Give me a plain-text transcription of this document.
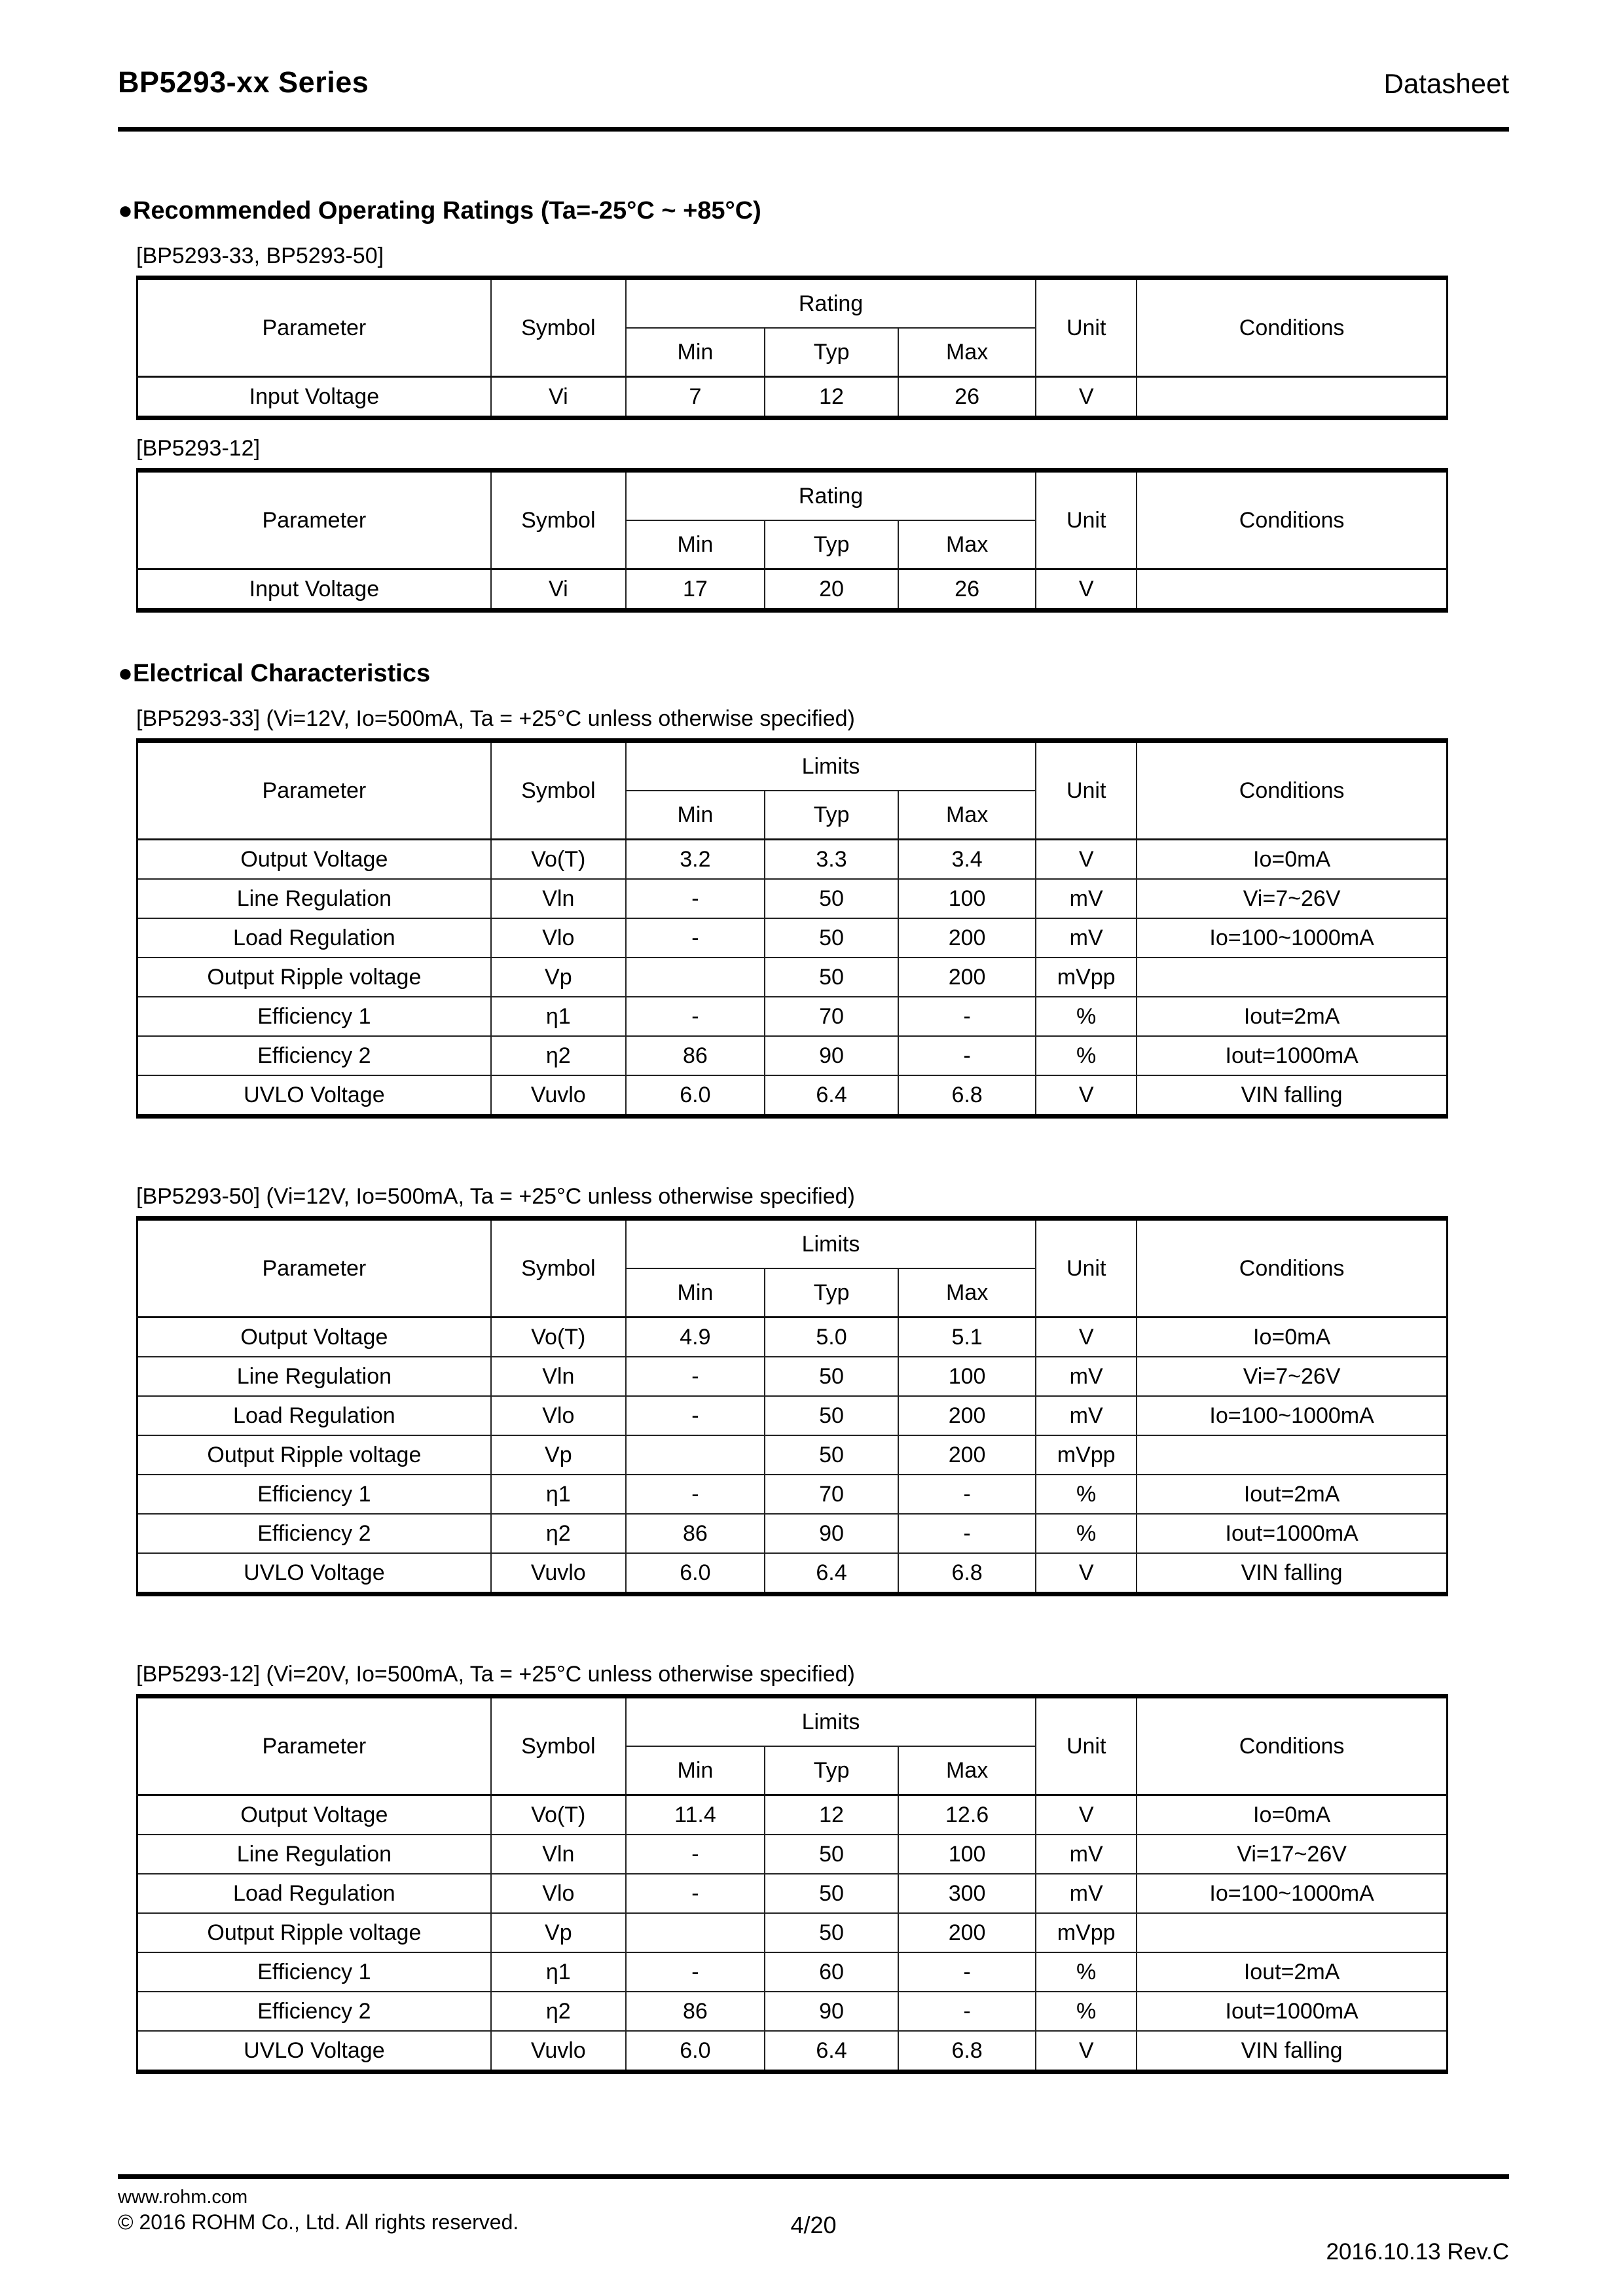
BP5293-xx Series	Datasheet
●Recommended Operating Ratings (Ta=-25°C ~ +85°C)
[BP5293-33, BP5293-50]
Parameter	Symbol	Rating			Unit	Conditions
		Min	Typ	Max		
Input Voltage	Vi	7	12	26	V	
[BP5293-12]
Parameter	Symbol	Rating			Unit	Conditions
		Min	Typ	Max		
Input Voltage	Vi	17	20	26	V	
●Electrical Characteristics
[BP5293-33] (Vi=12V, Io=500mA, Ta = +25°C unless otherwise specified)
Parameter	Symbol	Limits			Unit	Conditions
		Min	Typ	Max		
Output Voltage	Vo(T)	3.2	3.3	3.4	V	Io=0mA
Line Regulation	Vln	-	50	100	mV	Vi=7~26V
Load Regulation	Vlo	-	50	200	mV	Io=100~1000mA
Output Ripple voltage	Vp		50	200	mVpp	
Efficiency 1	η1	-	70	-	%	Iout=2mA
Efficiency 2	η2	86	90	-	%	Iout=1000mA
UVLO Voltage	Vuvlo	6.0	6.4	6.8	V	VIN falling
[BP5293-50] (Vi=12V, Io=500mA, Ta = +25°C unless otherwise specified)
Parameter	Symbol	Limits			Unit	Conditions
		Min	Typ	Max		
Output Voltage	Vo(T)	4.9	5.0	5.1	V	Io=0mA
Line Regulation	Vln	-	50	100	mV	Vi=7~26V
Load Regulation	Vlo	-	50	200	mV	Io=100~1000mA
Output Ripple voltage	Vp		50	200	mVpp	
Efficiency 1	η1	-	70	-	%	Iout=2mA
Efficiency 2	η2	86	90	-	%	Iout=1000mA
UVLO Voltage	Vuvlo	6.0	6.4	6.8	V	VIN falling
[BP5293-12] (Vi=20V, Io=500mA, Ta = +25°C unless otherwise specified)
Parameter	Symbol	Limits			Unit	Conditions
		Min	Typ	Max		
Output Voltage	Vo(T)	11.4	12	12.6	V	Io=0mA
Line Regulation	Vln	-	50	100	mV	Vi=17~26V
Load Regulation	Vlo	-	50	300	mV	Io=100~1000mA
Output Ripple voltage	Vp		50	200	mVpp	
Efficiency 1	η1	-	60	-	%	Iout=2mA
Efficiency 2	η2	86	90	-	%	Iout=1000mA
UVLO Voltage	Vuvlo	6.0	6.4	6.8	V	VIN falling
www.rohm.com
© 2016 ROHM Co., Ltd. All rights reserved.	4/20
2016.10.13 Rev.C
